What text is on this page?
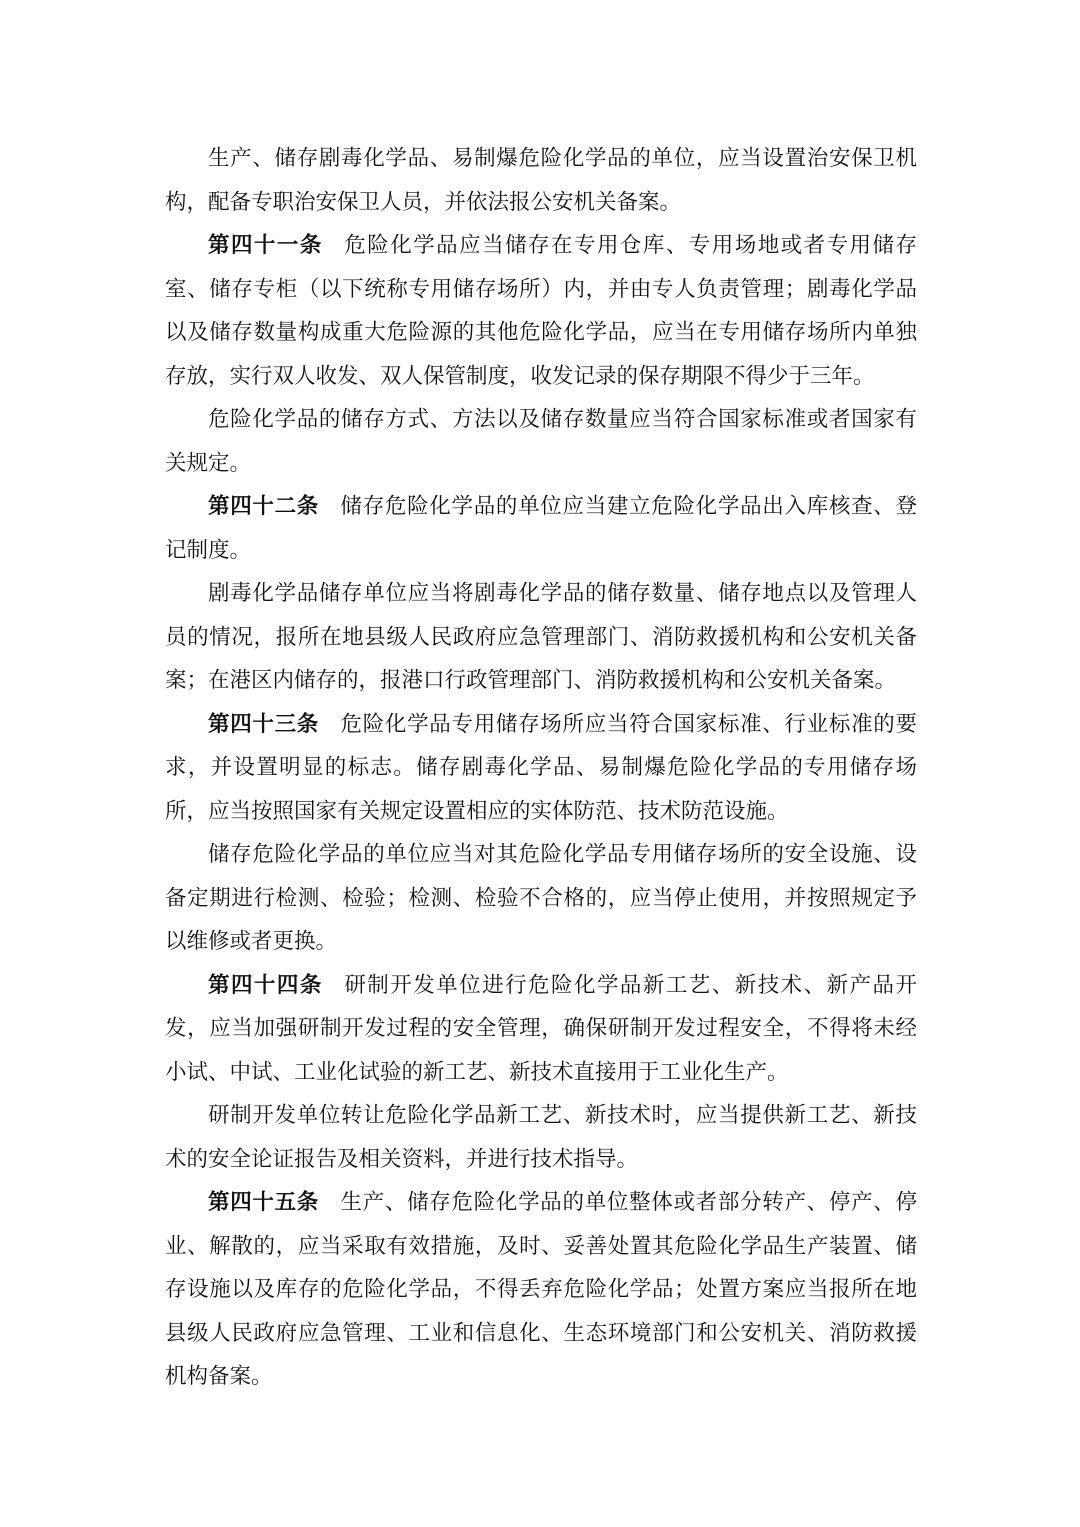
生产、储存剧毒化学品、易制爆危险化学品的单位，应当设置治安保卫机构，配备专职治安保卫人员，并依法报公安机关备案。

第四十一条 危险化学品应当储存在专用仓库、专用场地或者专用储存室、储存专柜（以下统称专用储存场所）内，并由专人负责管理；剧毒化学品以及储存数量构成重大危险源的其他危险化学品，应当在专用储存场所内单独存放，实行双人收发、双人保管制度，收发记录的保存期限不得少于三年。

危险化学品的储存方式、方法以及储存数量应当符合国家标准或者国家有关规定。

第四十二条 储存危险化学品的单位应当建立危险化学品出入库核查、登记制度。

剧毒化学品储存单位应当将剧毒化学品的储存数量、储存地点以及管理人员的情况，报所在地县级人民政府应急管理部门、消防救援机构和公安机关备案；在港区内储存的，报港口行政管理部门、消防救援机构和公安机关备案。

第四十三条 危险化学品专用储存场所应当符合国家标准、行业标准的要求，并设置明显的标志。储存剧毒化学品、易制爆危险化学品的专用储存场所，应当按照国家有关规定设置相应的实体防范、技术防范设施。

储存危险化学品的单位应当对其危险化学品专用储存场所的安全设施、设备定期进行检测、检验；检测、检验不合格的，应当停止使用，并按照规定予以维修或者更换。

第四十四条 研制开发单位进行危险化学品新工艺、新技术、新产品开发，应当加强研制开发过程的安全管理，确保研制开发过程安全，不得将未经小试、中试、工业化试验的新工艺、新技术直接用于工业化生产。

研制开发单位转让危险化学品新工艺、新技术时，应当提供新工艺、新技术的安全论证报告及相关资料，并进行技术指导。

第四十五条 生产、储存危险化学品的单位整体或者部分转产、停产、停业、解散的，应当采取有效措施，及时、妥善处置其危险化学品生产装置、储存设施以及库存的危险化学品，不得丢弃危险化学品；处置方案应当报所在地县级人民政府应急管理、工业和信息化、生态环境部门和公安机关、消防救援机构备案。
